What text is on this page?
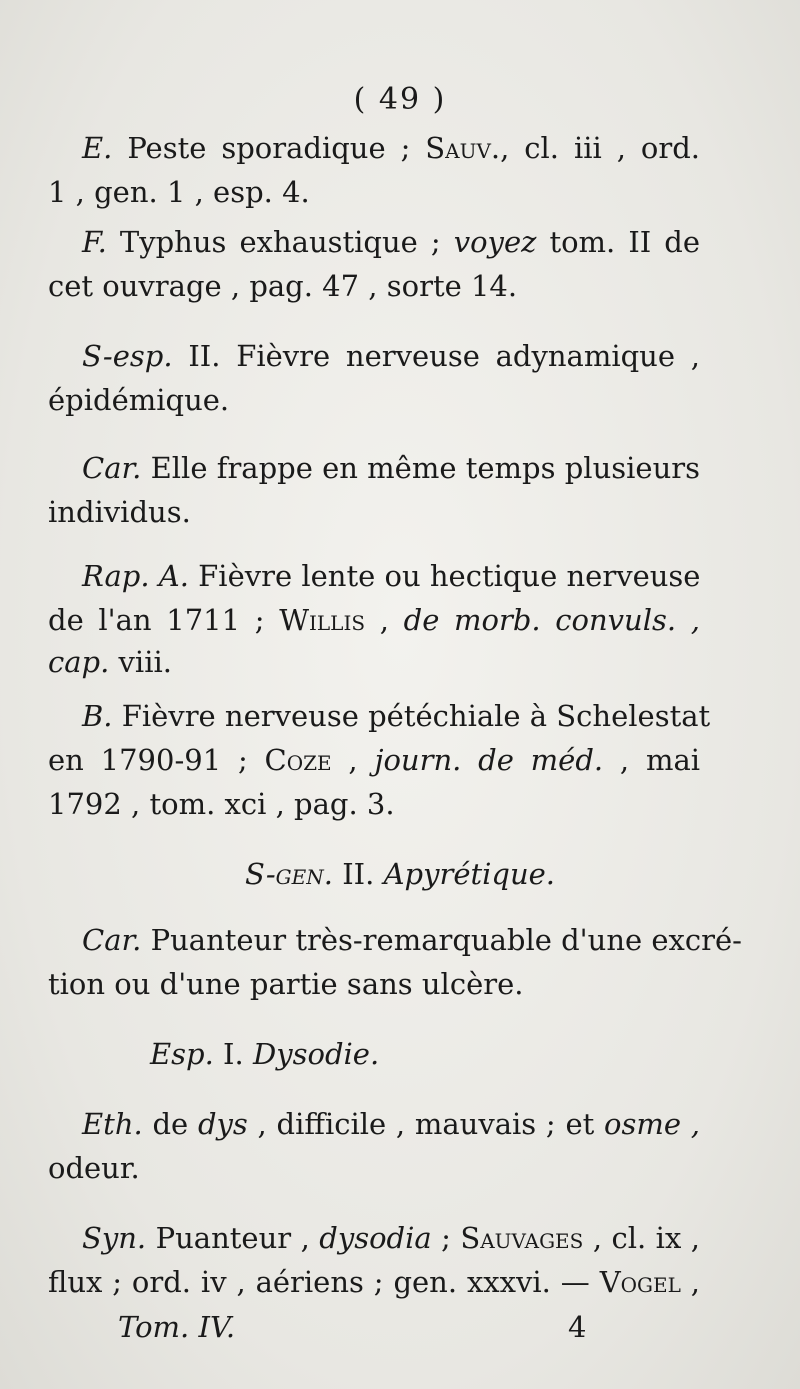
( 49 )
E. Peste sporadique ; Sauv., cl. iii , ord.
1 , gen. 1 , esp. 4.
F. Typhus exhaustique ; voyez tom. II de
cet ouvrage , pag. 47 , sorte 14.
S-esp. II. Fièvre nerveuse adynamique ,
épidémique.
Car. Elle frappe en même temps plusieurs
individus.
Rap. A. Fièvre lente ou hectique nerveuse
de l'an 1711 ; Willis , de morb. convuls. ,
cap. viii.
B. Fièvre nerveuse pétéchiale à Schelestat
en 1790-91 ; Coze , journ. de méd. , mai
1792 , tom. xci , pag. 3.
S-gen. II. Apyrétique.
Car. Puanteur très-remarquable d'une excré-
tion ou d'une partie sans ulcère.
Esp. I. Dysodie.
Eth. de dys , difficile , mauvais ; et osme ,
odeur.
Syn. Puanteur , dysodia ; Sauvages , cl. ix ,
flux ; ord. iv , aériens ; gen. xxxvi. — Vogel ,
Tom. IV.	4
